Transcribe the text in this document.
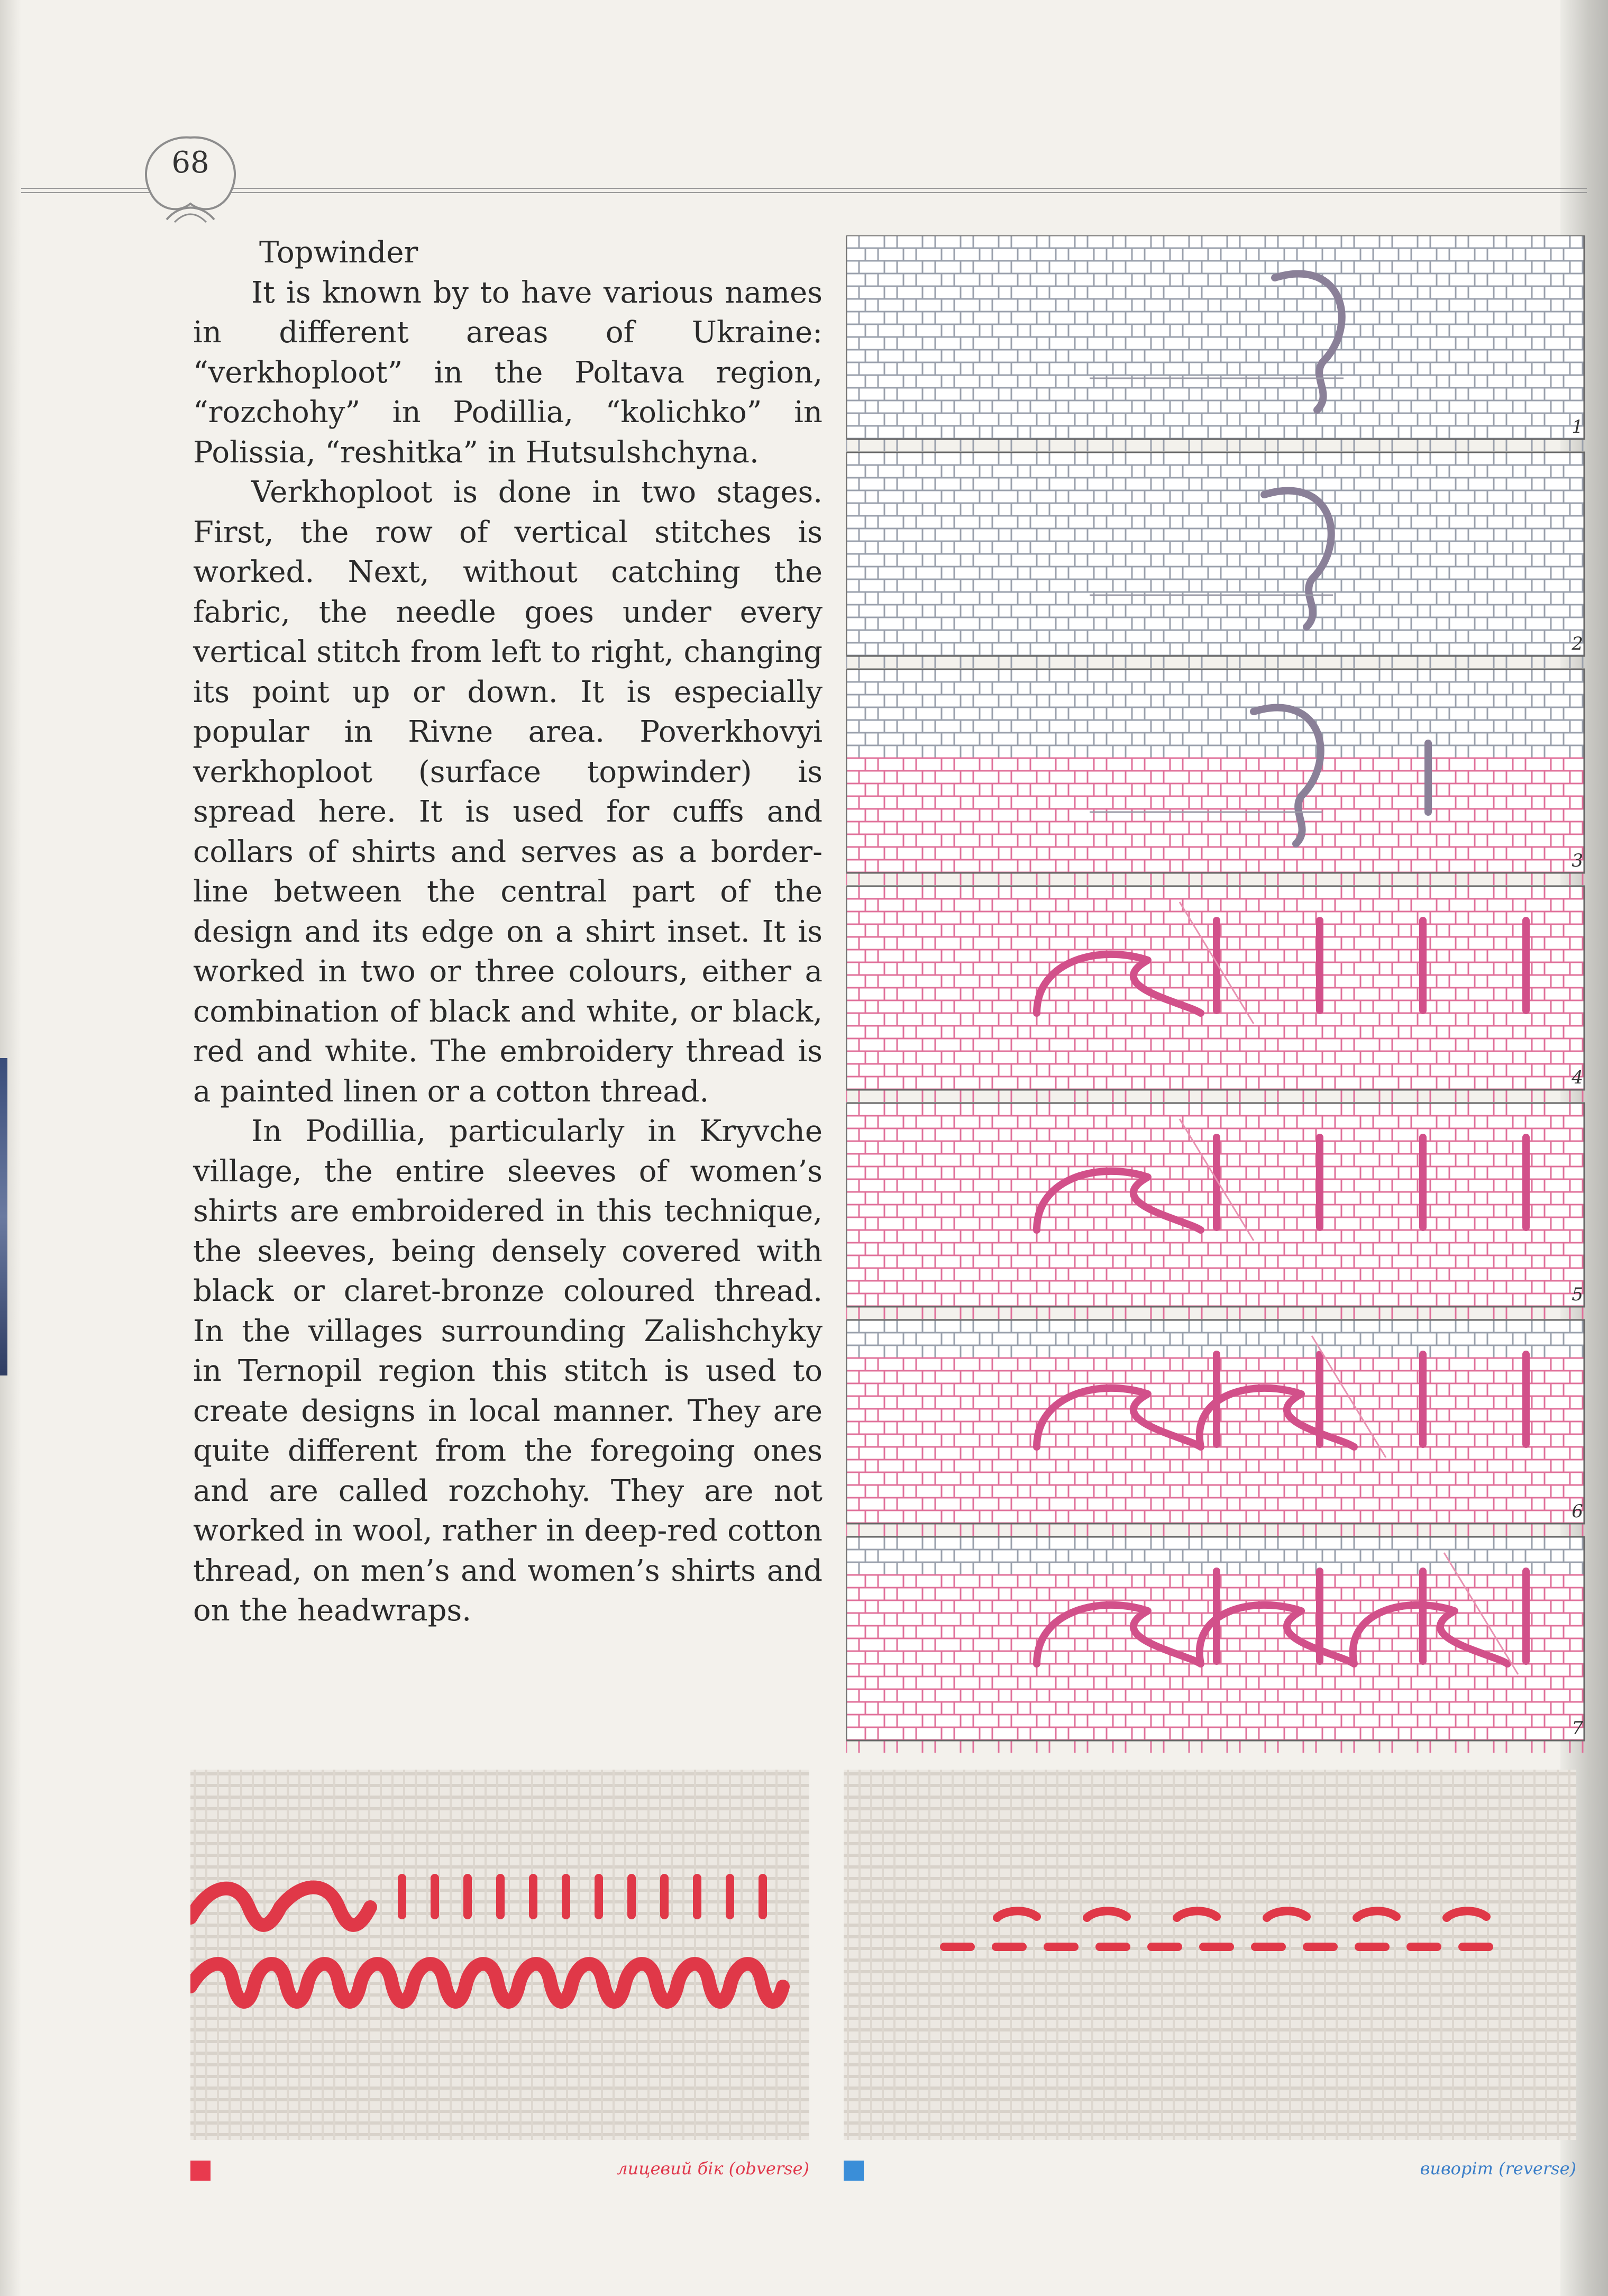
68

Topwinder

It is known by to have various names in different areas of Ukraine: “verkhoploot” in the Poltava region, “rozchohy” in Podillia, “kolichko” in Polissia, “reshitka” in Hutsulshchyna.

Verkhoploot is done in two stages. First, the row of vertical stitches is worked. Next, without catching the fabric, the needle goes under every vertical stitch from left to right, changing its point up or down. It is especially popular in Rivne area. Poverkhovyi verkhoploot (surface topwinder) is spread here. It is used for cuffs and collars of shirts and serves as a border-line between the central part of the design and its edge on a shirt inset. It is worked in two or three colours, either a combination of black and white, or black, red and white. The embroidery thread is a painted linen or a cotton thread.

In Podillia, particularly in Kryvche village, the entire sleeves of women’s shirts are embroidered in this technique, the sleeves, being densely covered with black or claret-bronze coloured thread. In the villages surrounding Zalishchyky in Ternopil region this stitch is used to create designs in local manner. They are quite different from the foregoing ones and are called rozchohy. They are not worked in wool, rather in deep-red cotton thread, on men’s and women’s shirts and on the headwraps.

1
2
3
4
5
6
7
лицевий бік (obverse)	виворіт (reverse)
